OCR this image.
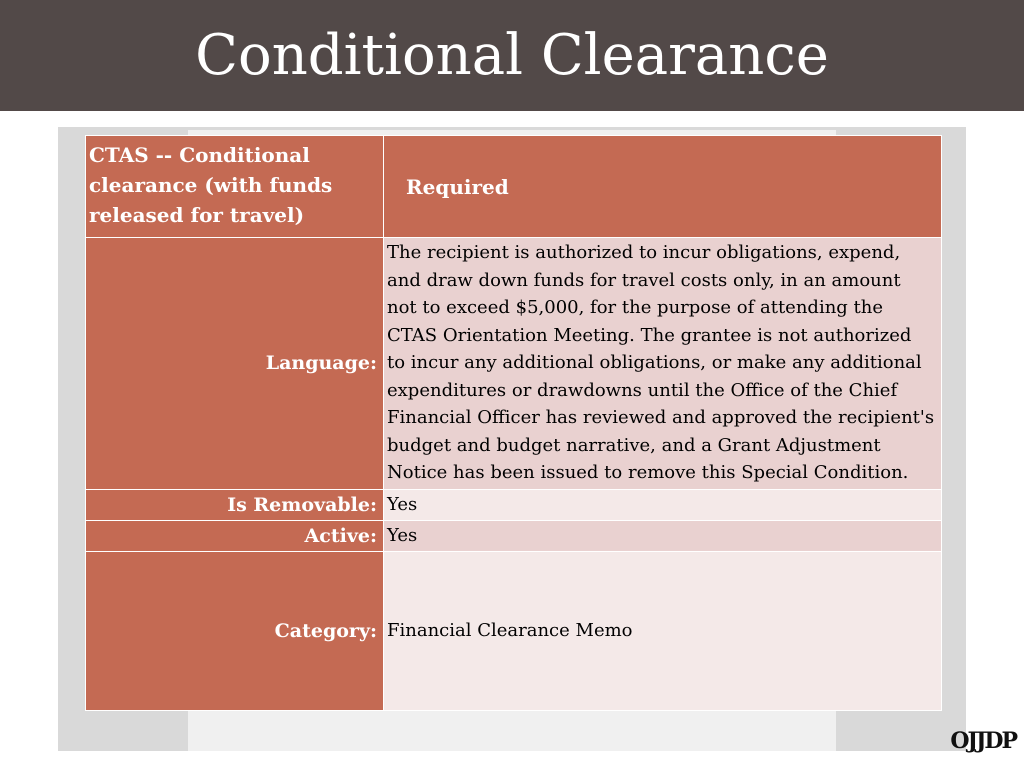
Conditional Clearance
CTAS -- Conditional clearance (with funds released for travel)	Required
Language:	The recipient is authorized to incur obligations, expend, and draw down funds for travel costs only, in an amount not to exceed $5,000, for the purpose of attending the CTAS Orientation Meeting. The grantee is not authorized to incur any additional obligations, or make any additional expenditures or drawdowns until the Office of the Chief Financial Officer has reviewed and approved the recipient's budget and budget narrative, and a Grant Adjustment Notice has been issued to remove this Special Condition.
Is Removable:	Yes
Active:	Yes
Category:	Financial Clearance Memo
OJJDP
